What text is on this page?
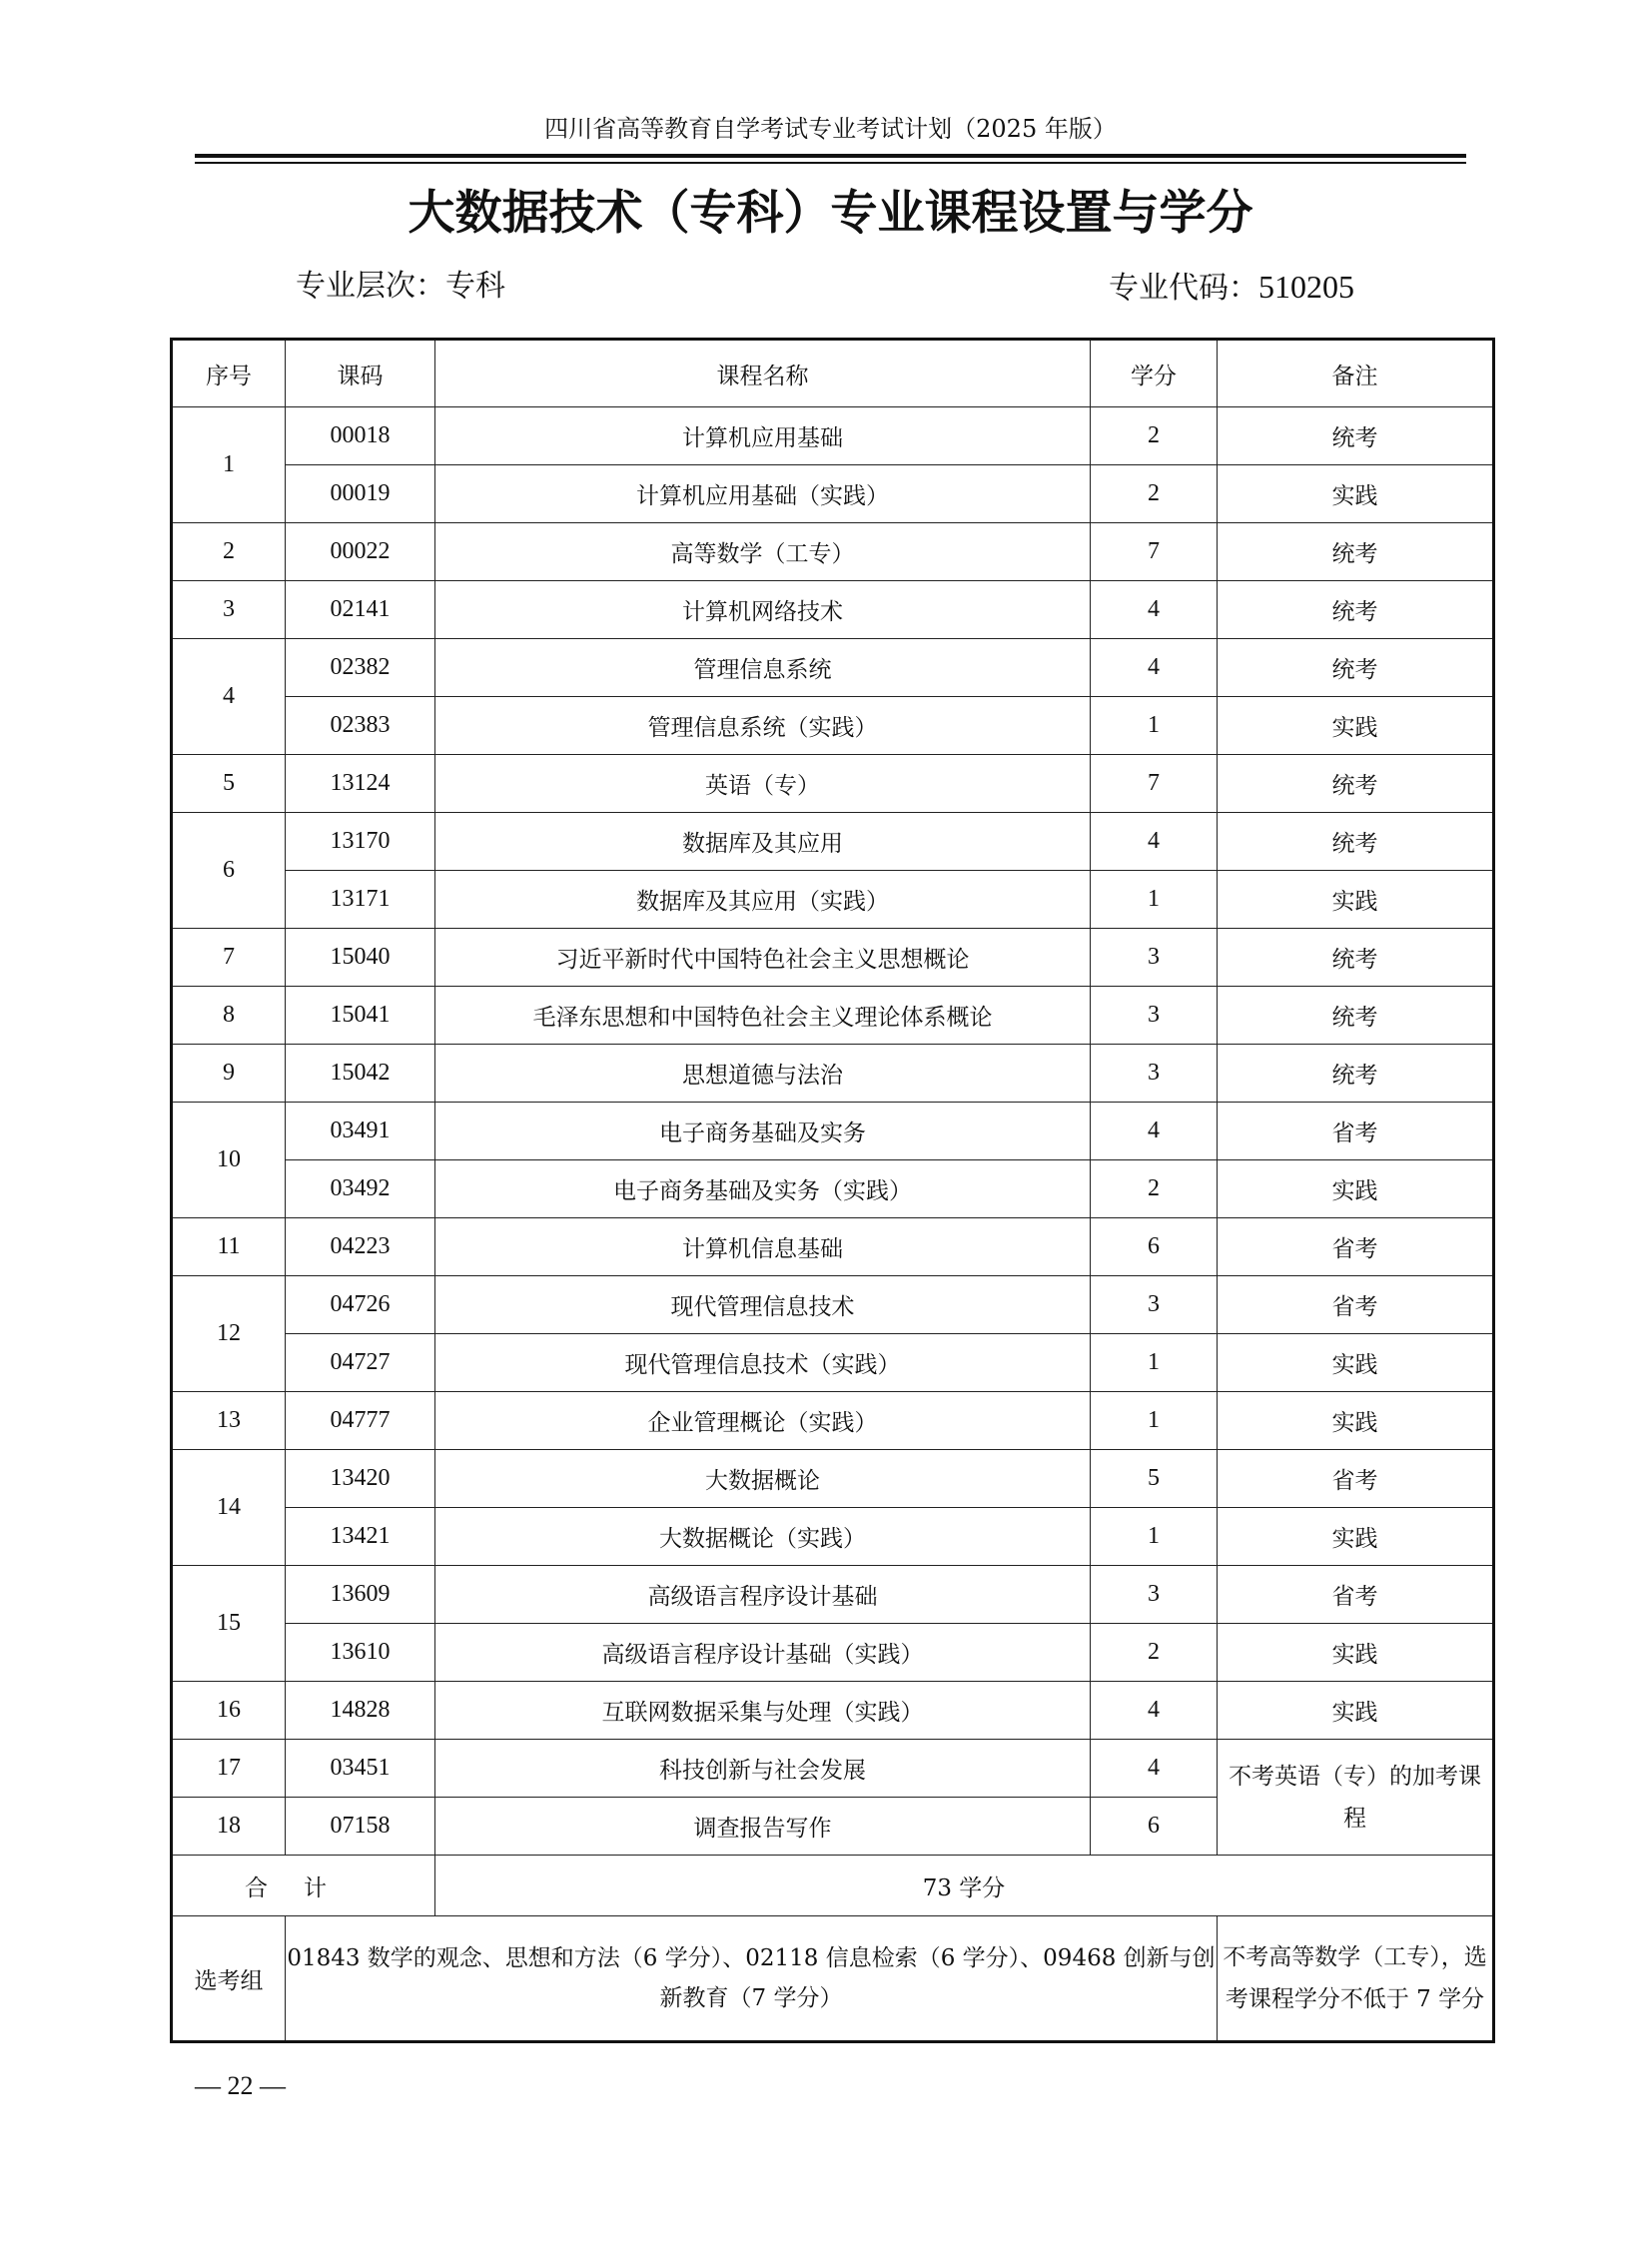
四川省高等教育自学考试专业考试计划（2025 年版）
大数据技术（专科）专业课程设置与学分
专业层次：专科	专业代码：510205
序号	课码	课程名称	学分	备注
1	00018	计算机应用基础	2	统考
	00019	计算机应用基础（实践）	2	实践
2	00022	高等数学（工专）	7	统考
3	02141	计算机网络技术	4	统考
4	02382	管理信息系统	4	统考
	02383	管理信息系统（实践）	1	实践
5	13124	英语（专）	7	统考
6	13170	数据库及其应用	4	统考
	13171	数据库及其应用（实践）	1	实践
7	15040	习近平新时代中国特色社会主义思想概论	3	统考
8	15041	毛泽东思想和中国特色社会主义理论体系概论	3	统考
9	15042	思想道德与法治	3	统考
10	03491	电子商务基础及实务	4	省考
	03492	电子商务基础及实务（实践）	2	实践
11	04223	计算机信息基础	6	省考
12	04726	现代管理信息技术	3	省考
	04727	现代管理信息技术（实践）	1	实践
13	04777	企业管理概论（实践）	1	实践
14	13420	大数据概论	5	省考
	13421	大数据概论（实践）	1	实践
15	13609	高级语言程序设计基础	3	省考
	13610	高级语言程序设计基础（实践）	2	实践
16	14828	互联网数据采集与处理（实践）	4	实践
17	03451	科技创新与社会发展	4	不考英语（专）的加考课程
18	07158	调查报告写作	6	
合计		73 学分		
选考组	01843 数学的观念、思想和方法（6 学分）、02118 信息检索（6 学分）、09468 创新与创新教育（7 学分）			不考高等数学（工专），选考课程学分不低于 7 学分
— 22 —
